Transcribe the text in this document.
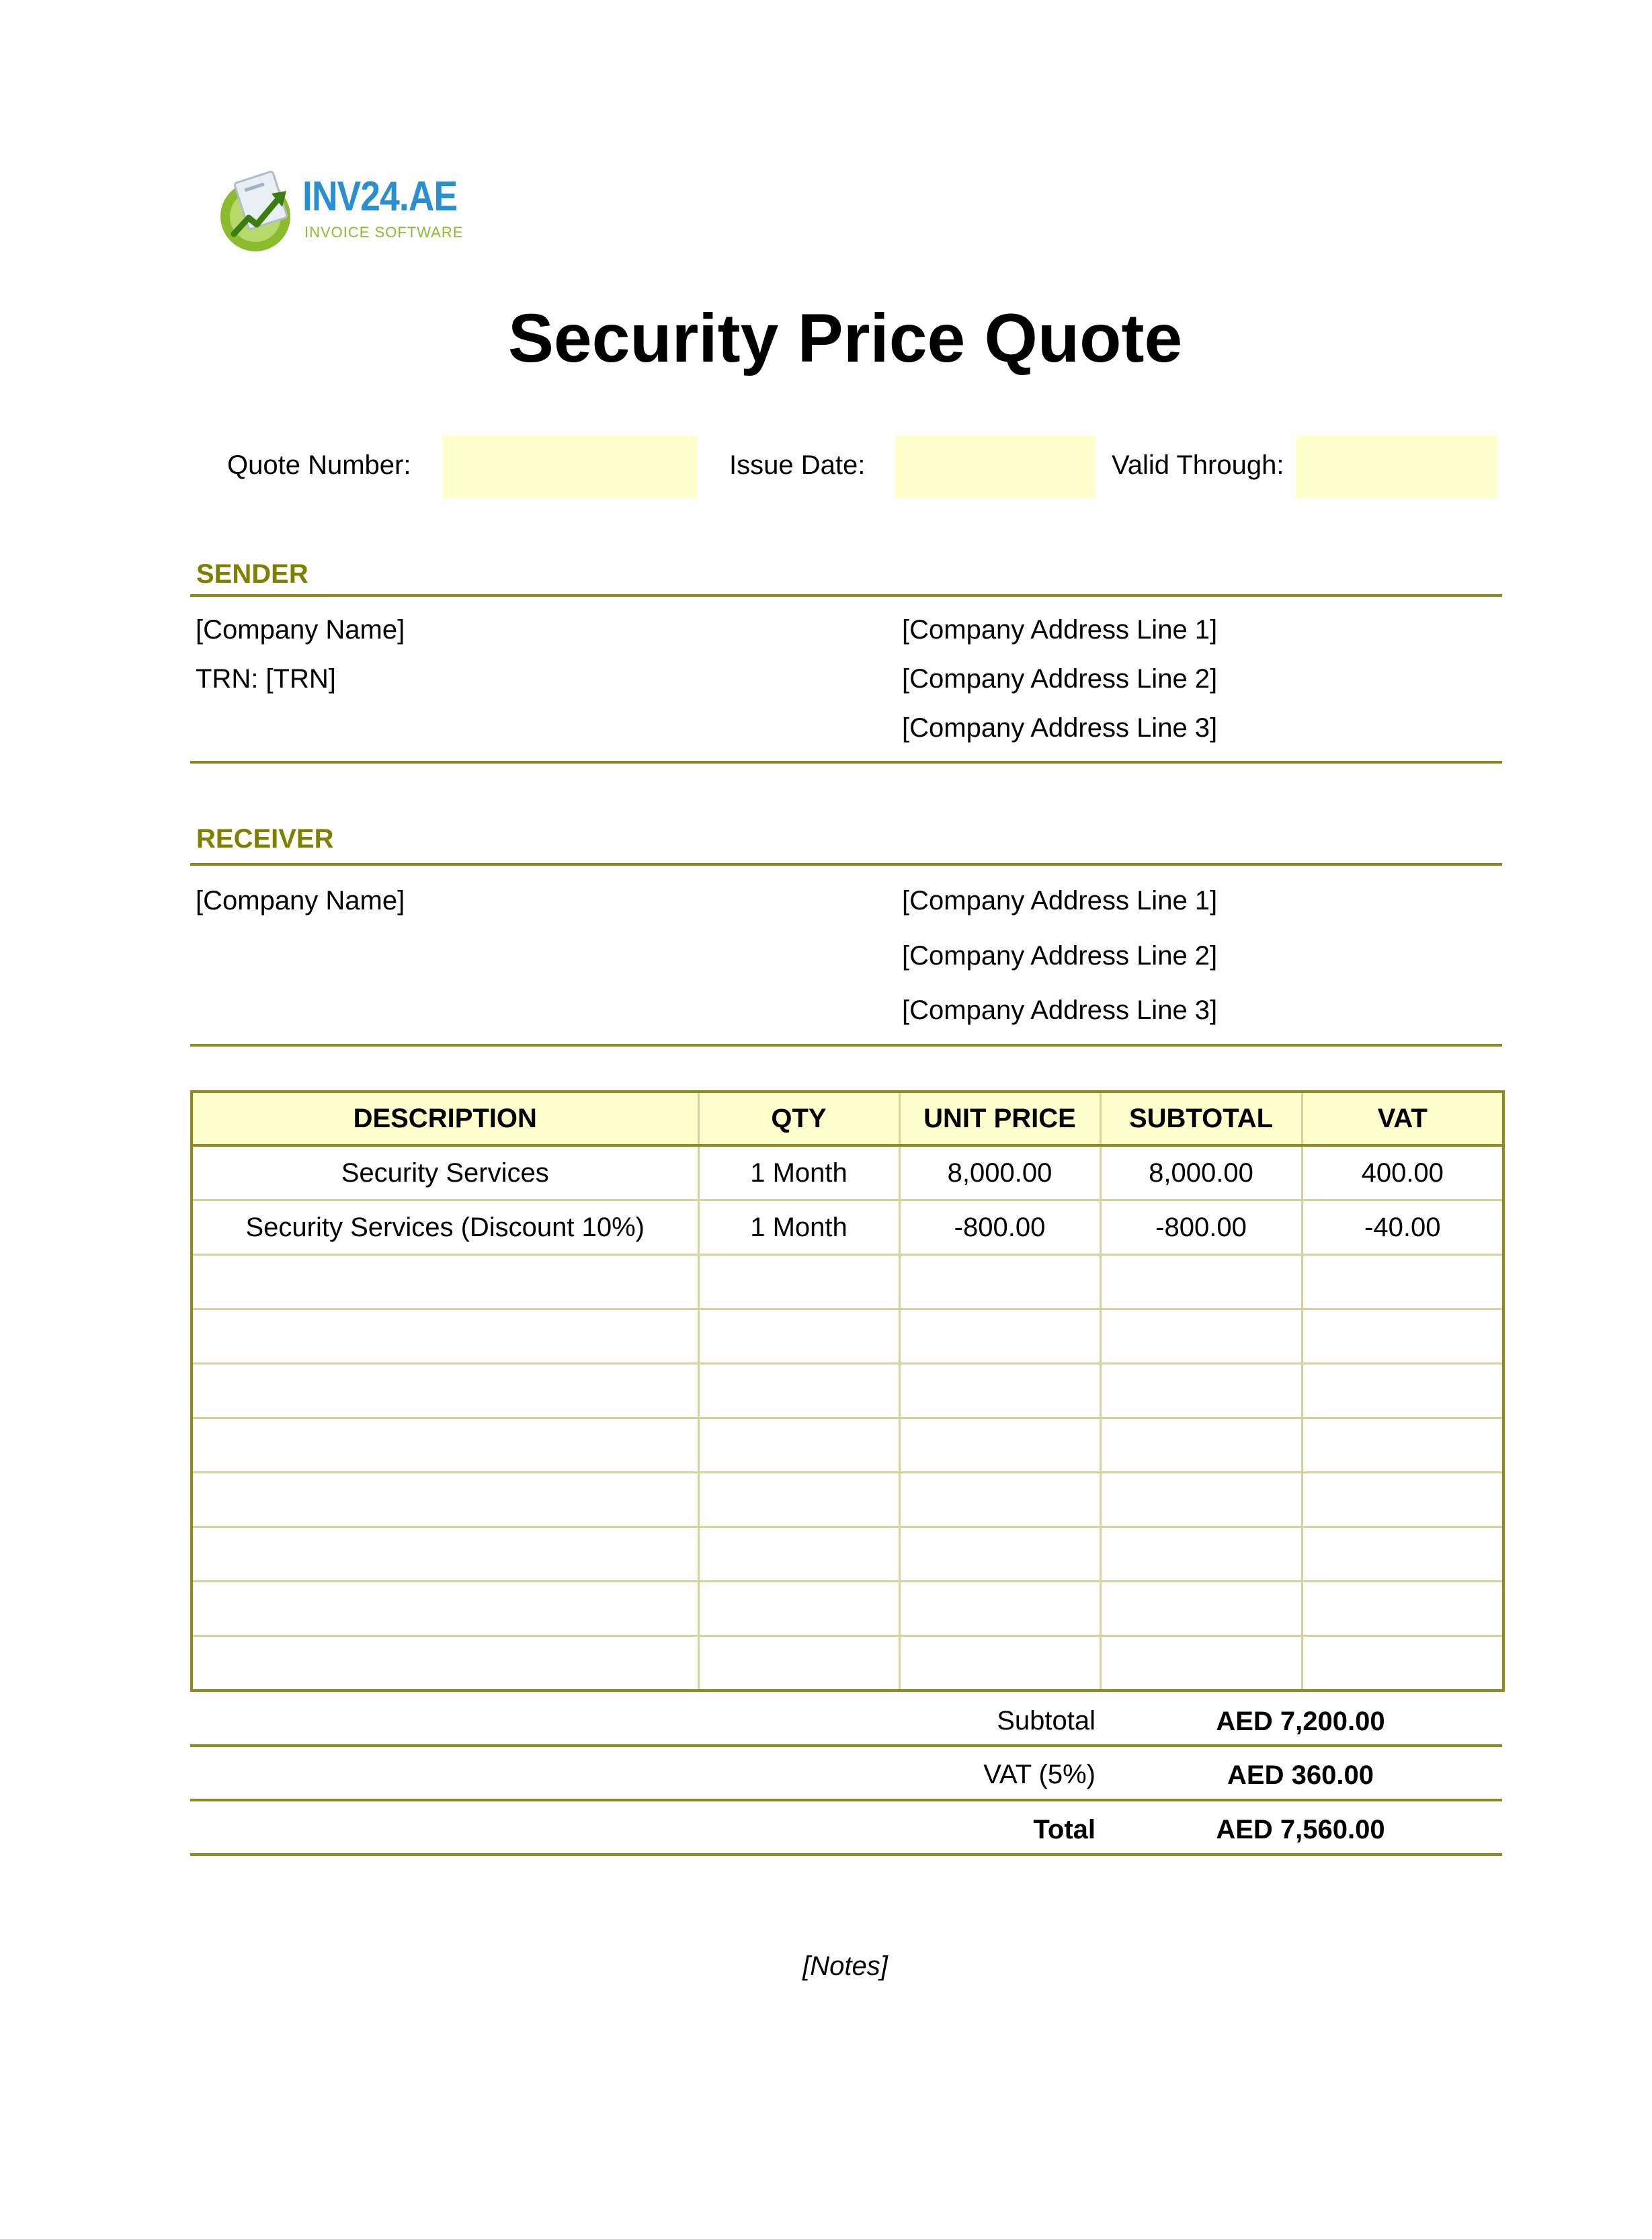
INV24.AE
INVOICE SOFTWARE
Security Price Quote
Quote Number:	Issue Date:	Valid Through:
SENDER
[Company Name]
TRN: [TRN]
[Company Address Line 1]
[Company Address Line 2]
[Company Address Line 3]
RECEIVER
[Company Name]	[Company Address Line 1]
[Company Address Line 2]
[Company Address Line 3]
DESCRIPTION	QTY	UNIT PRICE	SUBTOTAL	VAT
Security Services	1 Month	8,000.00	8,000.00	400.00
Security Services (Discount 10%)	1 Month	-800.00	-800.00	-40.00

Subtotal	AED 7,200.00
VAT (5%)	AED 360.00
Total	AED 7,560.00
[Notes]
